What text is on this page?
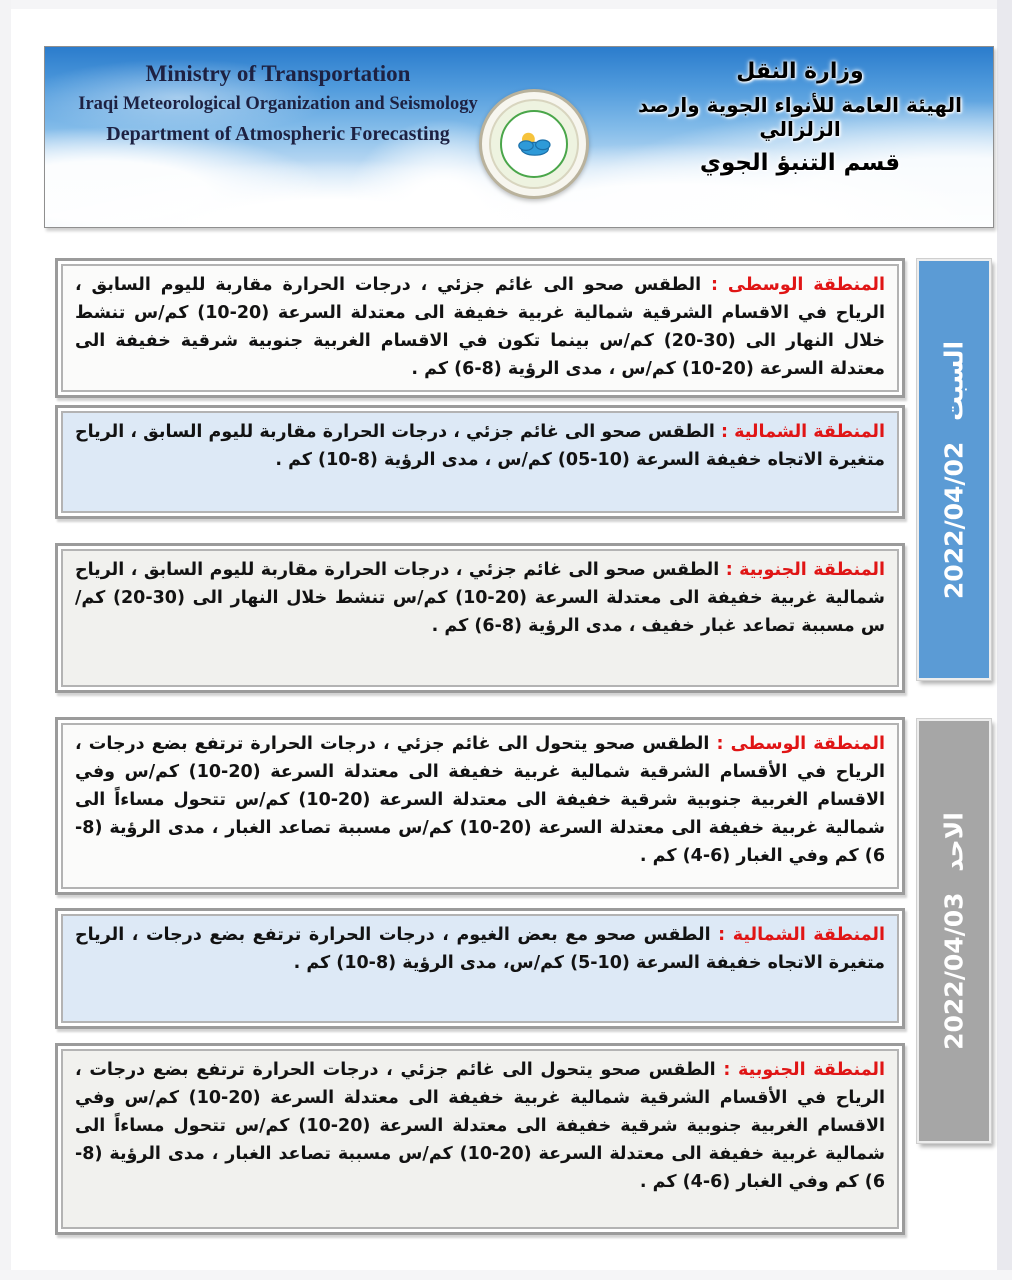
Ministry of Transportation
Iraqi Meteorological Organization and Seismology
Department of Atmospheric Forecasting
وزارة النقل
الهيئة العامة للأنواء الجوية وارصد الزلزالي
قسم التنبؤ الجوي

المنطقة الوسطى : الطقس صحو الى غائم جزئي ، درجات الحرارة مقاربة لليوم السابق ، الرياح في الاقسام الشرقية شمالية غربية خفيفة الى معتدلة السرعة (20-10) كم/س تنشط خلال النهار الى (30-20) كم/س بينما تكون في الاقسام الغربية جنوبية شرقية خفيفة الى معتدلة السرعة (20-10) كم/س ، مدى الرؤية (8-6) كم .

المنطقة الشمالية : الطقس صحو الى غائم جزئي ، درجات الحرارة مقاربة لليوم السابق ، الرياح متغيرة الاتجاه خفيفة السرعة (10-05) كم/س ، مدى الرؤية (8-10) كم .

المنطقة الجنوبية : الطقس صحو الى غائم جزئي ، درجات الحرارة مقاربة لليوم السابق ، الرياح شمالية غربية خفيفة الى معتدلة السرعة (20-10) كم/س تنشط خلال النهار الى (30-20) كم/س مسببة تصاعد غبار خفيف ، مدى الرؤية (8-6) كم .

السبت 2022/04/02

المنطقة الوسطى : الطقس صحو يتحول الى غائم جزئي ، درجات الحرارة ترتفع بضع درجات ، الرياح في الأقسام الشرقية شمالية غربية خفيفة الى معتدلة السرعة (20-10) كم/س وفي الاقسام الغربية جنوبية شرقية خفيفة الى معتدلة السرعة (20-10) كم/س تتحول مساءاً الى شمالية غربية خفيفة الى معتدلة السرعة (20-10) كم/س مسببة تصاعد الغبار ، مدى الرؤية (8-6) كم وفي الغبار (6-4) كم .

المنطقة الشمالية : الطقس صحو مع بعض الغيوم ، درجات الحرارة ترتفع بضع درجات ، الرياح متغيرة الاتجاه خفيفة السرعة (10-5) كم/س، مدى الرؤية (8-10) كم .

المنطقة الجنوبية : الطقس صحو يتحول الى غائم جزئي ، درجات الحرارة ترتفع بضع درجات ، الرياح في الأقسام الشرقية شمالية غربية خفيفة الى معتدلة السرعة (20-10) كم/س وفي الاقسام الغربية جنوبية شرقية خفيفة الى معتدلة السرعة (20-10) كم/س تتحول مساءاً الى شمالية غربية خفيفة الى معتدلة السرعة (20-10) كم/س مسببة تصاعد الغبار ، مدى الرؤية (8-6) كم وفي الغبار (6-4) كم .

الاحد 2022/04/03
